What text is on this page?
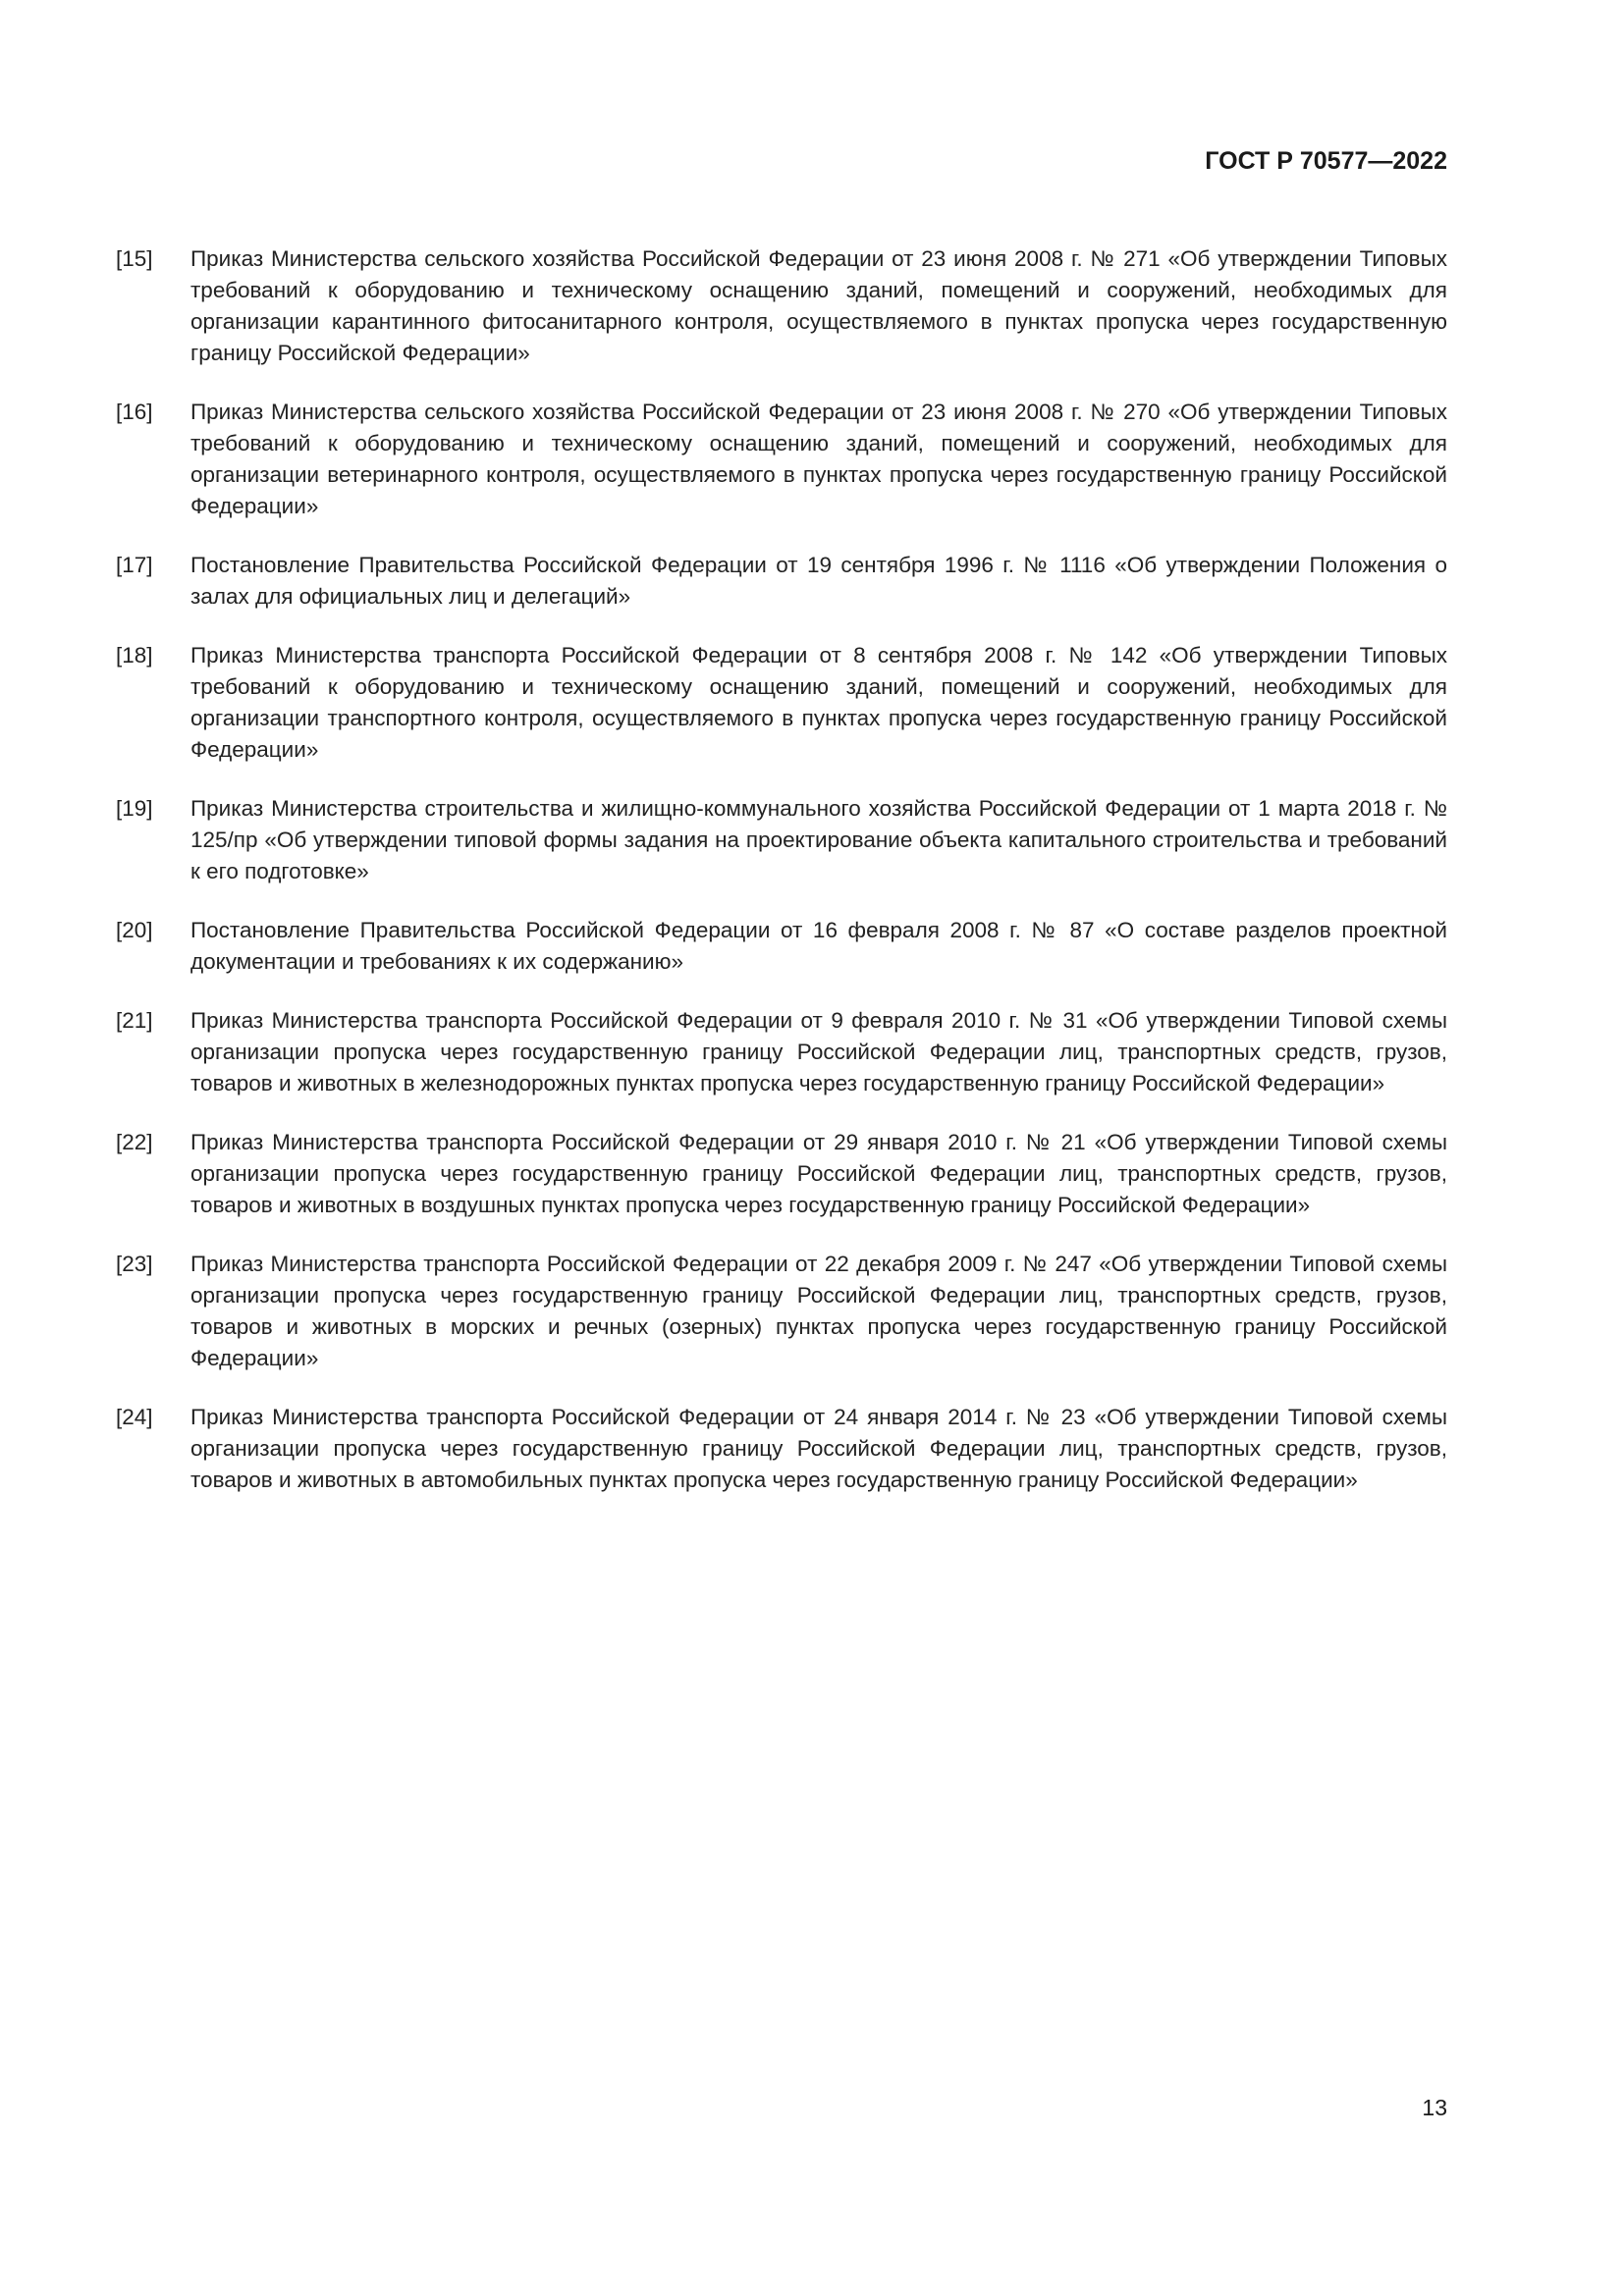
ГОСТ Р 70577—2022
[15]	Приказ Министерства сельского хозяйства Российской Федерации от 23 июня 2008 г. № 271 «Об утверждении Типовых требований к оборудованию и техническому оснащению зданий, помещений и сооружений, необходимых для организации карантинного фитосанитарного контроля, осуществляемого в пунктах пропуска через государственную границу Российской Федерации»
[16]	Приказ Министерства сельского хозяйства Российской Федерации от 23 июня 2008 г. № 270 «Об утверждении Типовых требований к оборудованию и техническому оснащению зданий, помещений и сооружений, необходимых для организации ветеринарного контроля, осуществляемого в пунктах пропуска через государственную границу Российской Федерации»
[17]	Постановление Правительства Российской Федерации от 19 сентября 1996 г. № 1116 «Об утверждении Положения о залах для официальных лиц и делегаций»
[18]	Приказ Министерства транспорта Российской Федерации от 8 сентября 2008 г. № 142 «Об утверждении Типовых требований к оборудованию и техническому оснащению зданий, помещений и сооружений, необходимых для организации транспортного контроля, осуществляемого в пунктах пропуска через государственную границу Российской Федерации»
[19]	Приказ Министерства строительства и жилищно-коммунального хозяйства Российской Федерации от 1 марта 2018 г. № 125/пр «Об утверждении типовой формы задания на проектирование объекта капитального строительства и требований к его подготовке»
[20]	Постановление Правительства Российской Федерации от 16 февраля 2008 г. № 87 «О составе разделов проектной документации и требованиях к их содержанию»
[21]	Приказ Министерства транспорта Российской Федерации от 9 февраля 2010 г. № 31 «Об утверждении Типовой схемы организации пропуска через государственную границу Российской Федерации лиц, транспортных средств, грузов, товаров и животных в железнодорожных пунктах пропуска через государственную границу Российской Федерации»
[22]	Приказ Министерства транспорта Российской Федерации от 29 января 2010 г. № 21 «Об утверждении Типовой схемы организации пропуска через государственную границу Российской Федерации лиц, транспортных средств, грузов, товаров и животных в воздушных пунктах пропуска через государственную границу Российской Федерации»
[23]	Приказ Министерства транспорта Российской Федерации от 22 декабря 2009 г. № 247 «Об утверждении Типовой схемы организации пропуска через государственную границу Российской Федерации лиц, транспортных средств, грузов, товаров и животных в морских и речных (озерных) пунктах пропуска через государственную границу Российской Федерации»
[24]	Приказ Министерства транспорта Российской Федерации от 24 января 2014 г. № 23 «Об утверждении Типовой схемы организации пропуска через государственную границу Российской Федерации лиц, транспортных средств, грузов, товаров и животных в автомобильных пунктах пропуска через государственную границу Российской Федерации»
13
